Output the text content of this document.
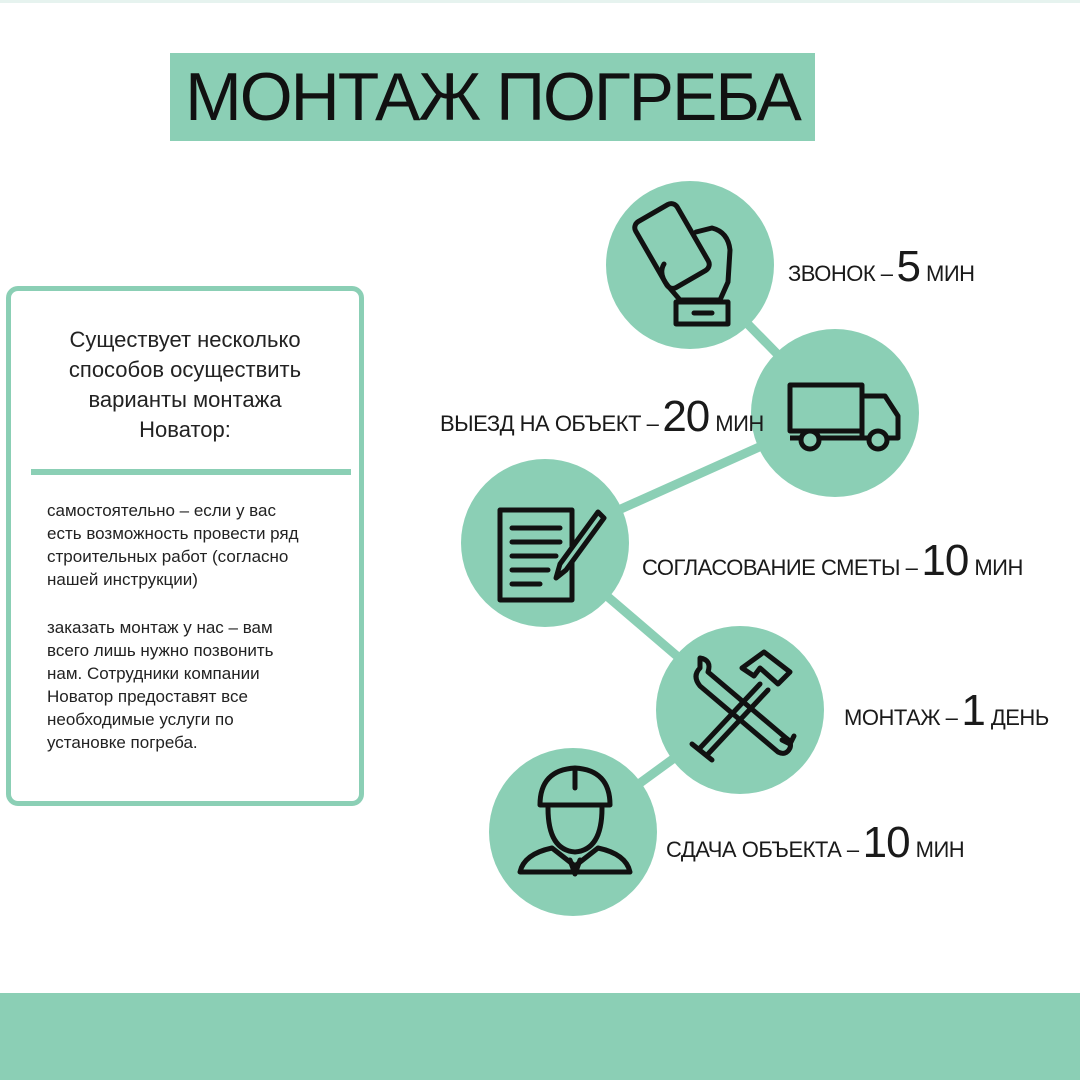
МОНТАЖ ПОГРЕБА
Существует несколько
способов осуществить
варианты монтажа
Новатор:

самостоятельно – если у вас
есть возможность провести ряд
строительных работ (согласно
нашей инструкции)

заказать монтаж у нас – вам
всего лишь нужно позвонить
нам. Сотрудники компании
Новатор предоставят все
необходимые услуги по
установке погреба.

ЗВОНОК – 5 МИН
ВЫЕЗД НА ОБЪЕКТ – 20 МИН
СОГЛАСОВАНИЕ СМЕТЫ – 10 МИН
МОНТАЖ – 1 ДЕНЬ
СДАЧА ОБЪЕКТА – 10 МИН
